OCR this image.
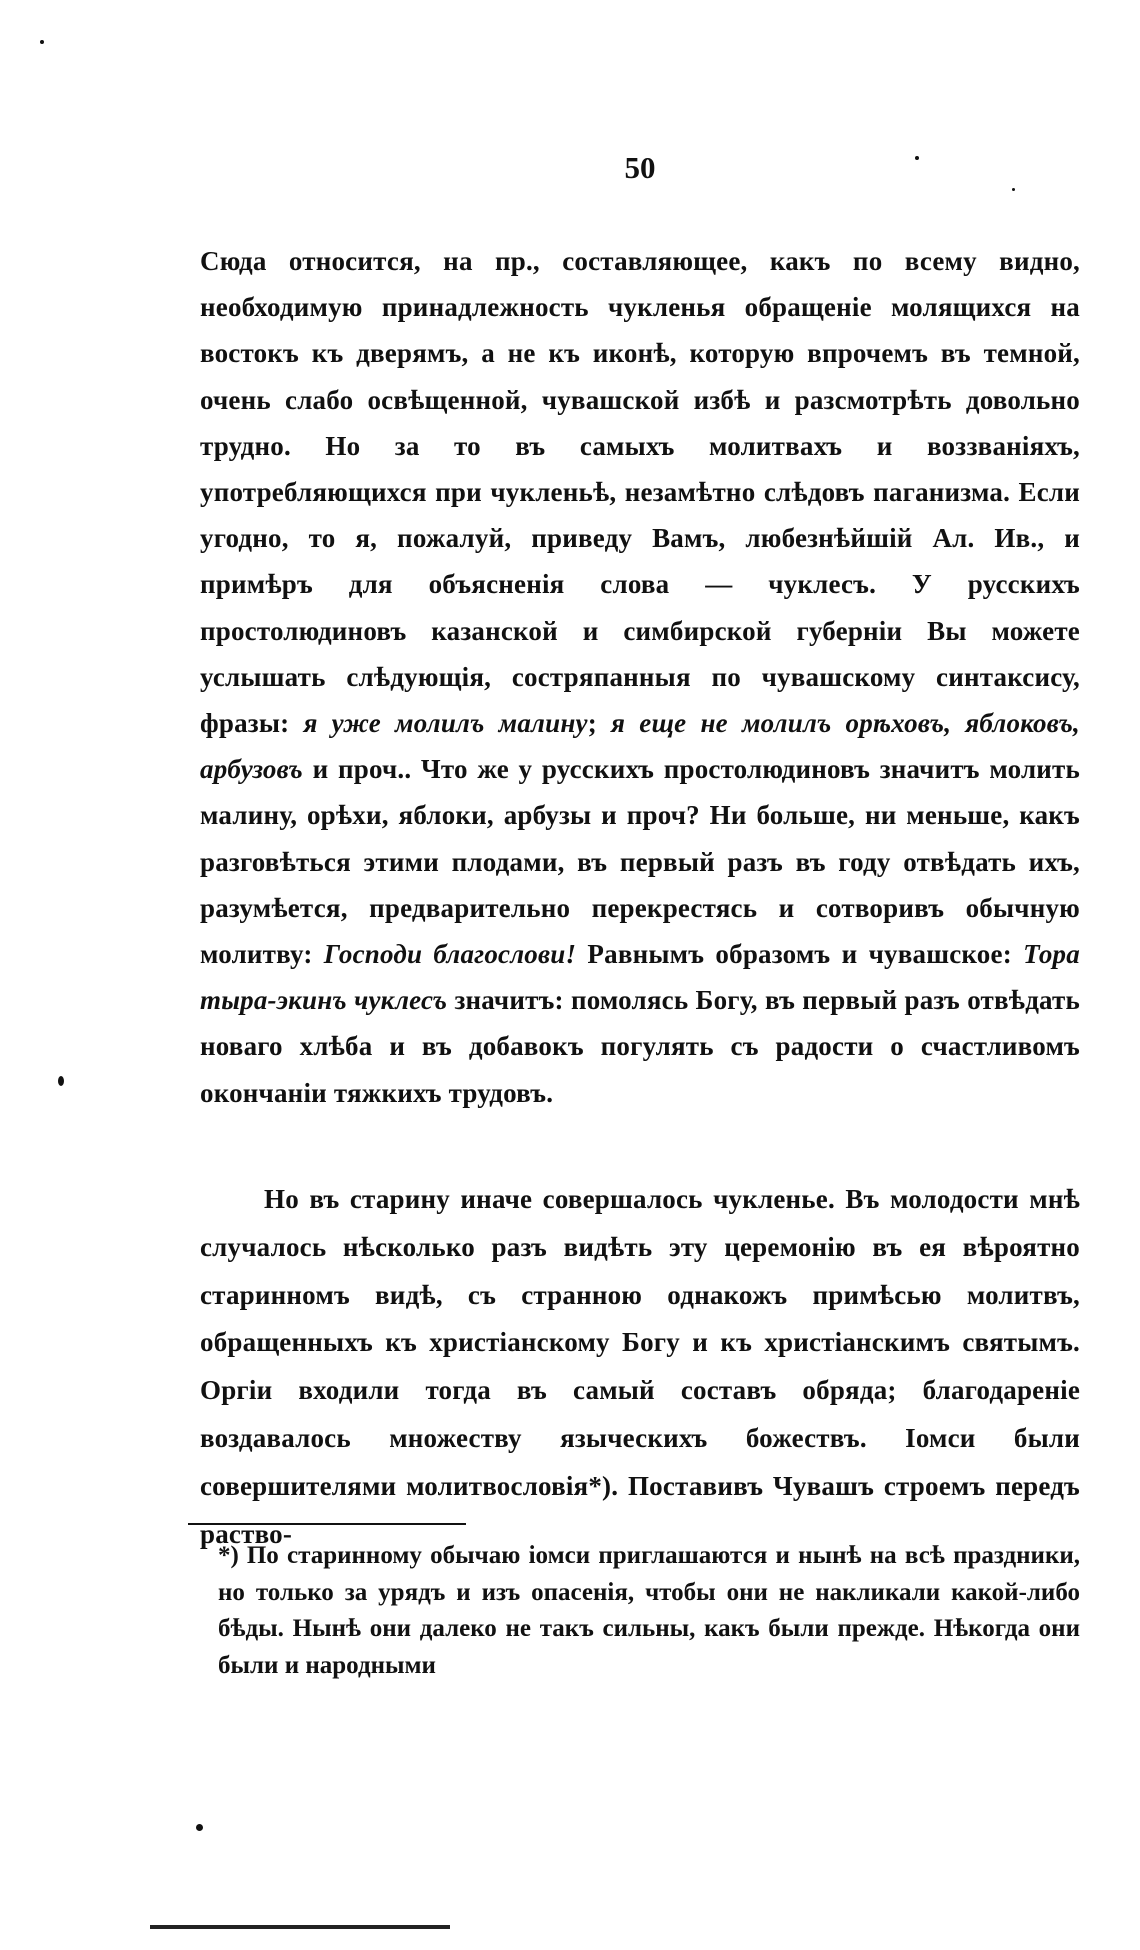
50

Сюда относится, на пр., составляющее, какъ по всему видно, необходимую принадлежность чукленья обращеніе молящихся на востокъ къ дверямъ, а не къ иконѣ, которую впрочемъ въ темной, очень слабо освѣщенной, чувашской избѣ и разсмотрѣть довольно трудно. Но за то въ самыхъ молитвахъ и воззваніяхъ, употребляющихся при чукленьѣ, незамѣтно слѣдовъ паганизма. Если угодно, то я, пожалуй, приведу Вамъ, любезнѣйшій Ал. Ив., и примѣръ для объясненія слова — чуклесъ. У русскихъ простолюдиновъ казанской и симбирской губерніи Вы можете услышать слѣдующія, состряпанныя по чувашскому синтаксису, фразы: я уже молилъ малину; я еще не молилъ орѣховъ, яблоковъ, арбузовъ и проч.. Что же у русскихъ простолюдиновъ значитъ молить малину, орѣхи, яблоки, арбузы и проч? Ни больше, ни меньше, какъ разговѣться этими плодами, въ первый разъ въ году отвѣдать ихъ, разумѣется, предварительно перекрестясь и сотворивъ обычную молитву: Господи благослови! Равнымъ образомъ и чувашское: Тора тыра-экинъ чуклесъ значитъ: помолясь Богу, въ первый разъ отвѣдать новаго хлѣба и въ добавокъ погулять съ радости о счастливомъ окончаніи тяжкихъ трудовъ.

Но въ старину иначе совершалось чукленье. Въ молодости мнѣ случалось нѣсколько разъ видѣть эту церемонію въ ея вѣроятно старинномъ видѣ, съ странною однакожъ примѣсью молитвъ, обращенныхъ къ христіанскому Богу и къ христіанскимъ святымъ. Оргіи входили тогда въ самый составъ обряда; благодареніе воздавалось множеству языческихъ божествъ. Іомси были совершителями молитвословія*). Поставивъ Чувашъ строемъ передъ раство-

*) По старинному обычаю іомси приглашаются и нынѣ на всѣ праздники, но только за урядъ и изъ опасенія, чтобы они не накликали какой-либо бѣды. Нынѣ они далеко не такъ сильны, какъ были прежде. Нѣкогда они были и народными
